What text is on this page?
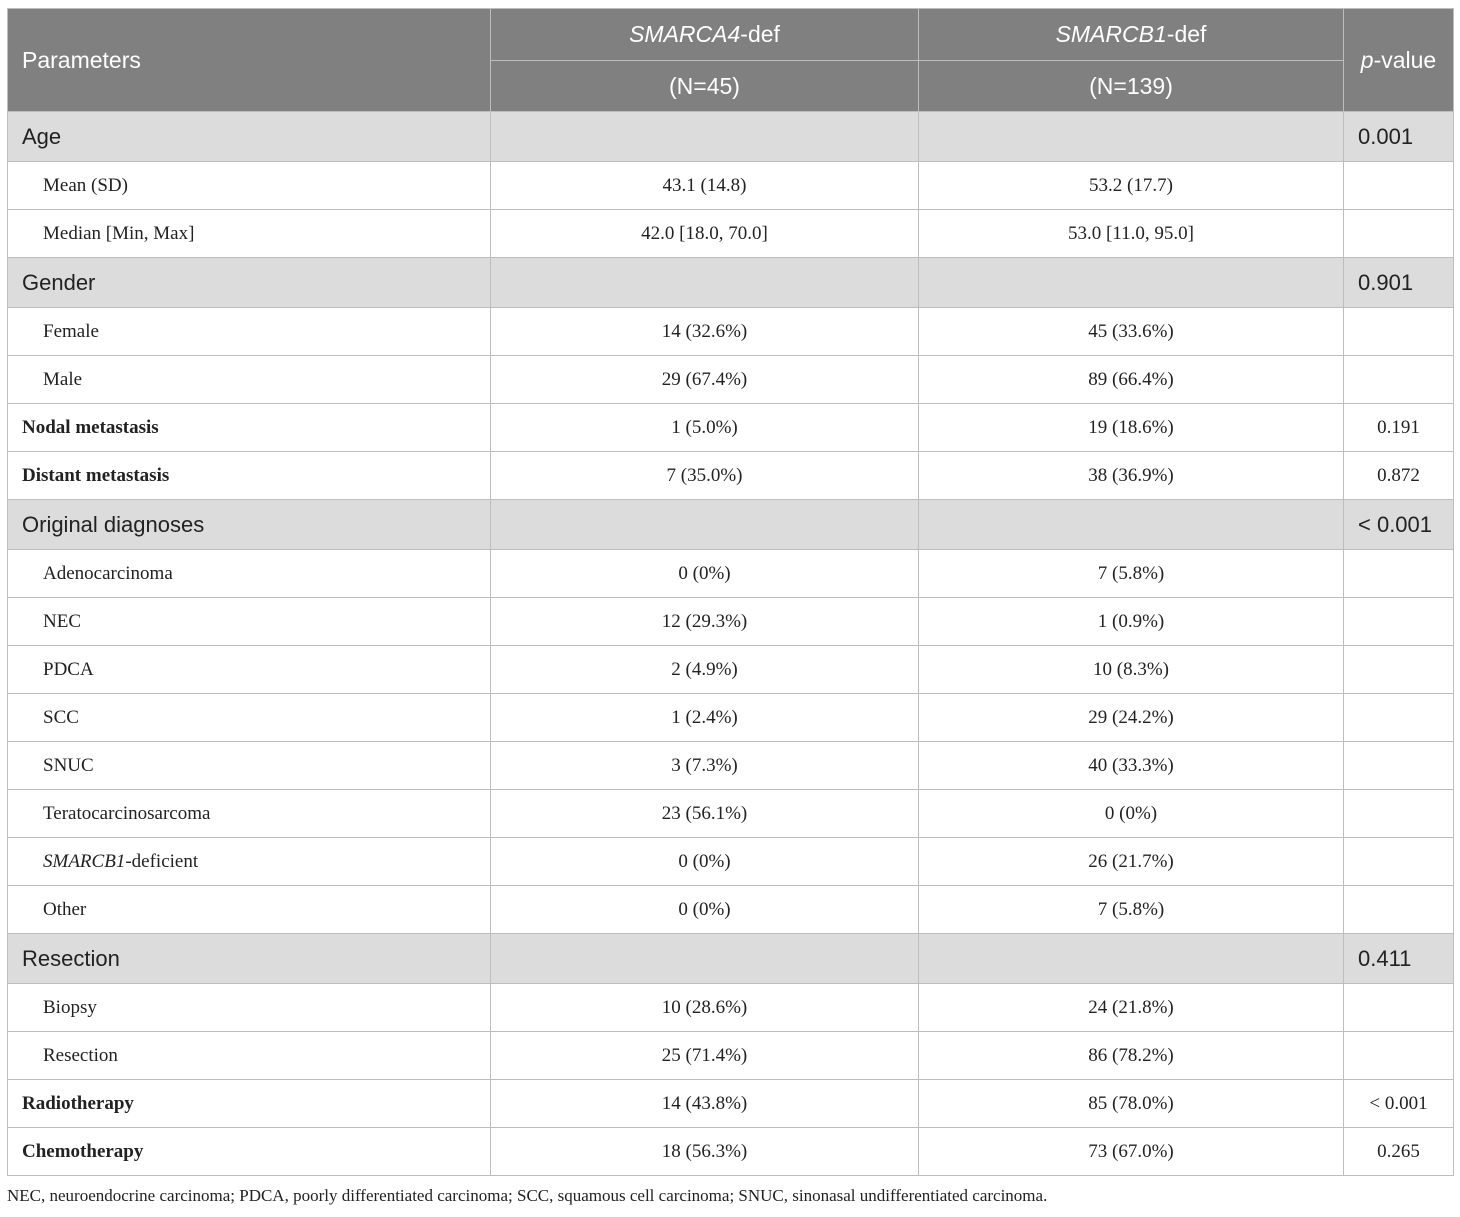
Parameters	SMARCA4-def	SMARCB1-def	p-value
	(N=45)	(N=139)	
Age			0.001
Mean (SD)	43.1 (14.8)	53.2 (17.7)	
Median [Min, Max]	42.0 [18.0, 70.0]	53.0 [11.0, 95.0]	
Gender			0.901
Female	14 (32.6%)	45 (33.6%)	
Male	29 (67.4%)	89 (66.4%)	
Nodal metastasis	1 (5.0%)	19 (18.6%)	0.191
Distant metastasis	7 (35.0%)	38 (36.9%)	0.872
Original diagnoses			< 0.001
Adenocarcinoma	0 (0%)	7 (5.8%)	
NEC	12 (29.3%)	1 (0.9%)	
PDCA	2 (4.9%)	10 (8.3%)	
SCC	1 (2.4%)	29 (24.2%)	
SNUC	3 (7.3%)	40 (33.3%)	
Teratocarcinosarcoma	23 (56.1%)	0 (0%)	
SMARCB1-deficient	0 (0%)	26 (21.7%)	
Other	0 (0%)	7 (5.8%)	
Resection			0.411
Biopsy	10 (28.6%)	24 (21.8%)	
Resection	25 (71.4%)	86 (78.2%)	
Radiotherapy	14 (43.8%)	85 (78.0%)	< 0.001
Chemotherapy	18 (56.3%)	73 (67.0%)	0.265
NEC, neuroendocrine carcinoma; PDCA, poorly differentiated carcinoma; SCC, squamous cell carcinoma; SNUC, sinonasal undifferentiated carcinoma.
